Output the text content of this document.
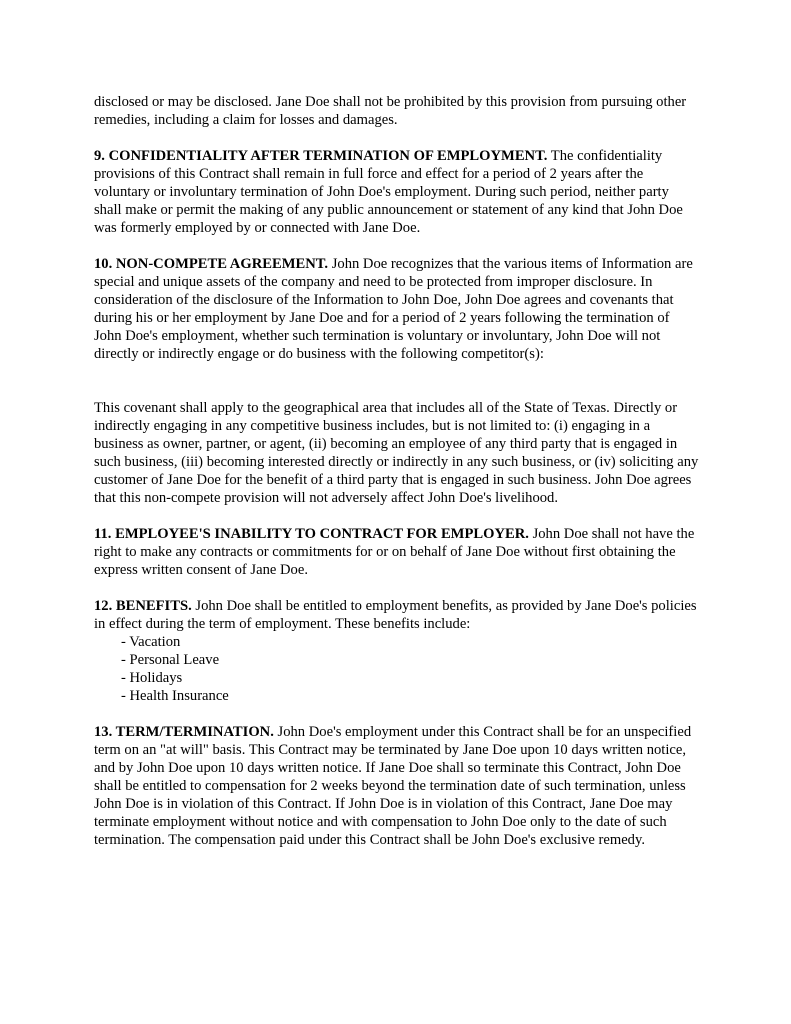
disclosed or may be disclosed. Jane Doe shall not be prohibited by this provision from pursuing other remedies, including a claim for losses and damages.

9. CONFIDENTIALITY AFTER TERMINATION OF EMPLOYMENT. The confidentiality provisions of this Contract shall remain in full force and effect for a period of 2 years after the voluntary or involuntary termination of John Doe's employment. During such period, neither party shall make or permit the making of any public announcement or statement of any kind that John Doe was formerly employed by or connected with Jane Doe.

10. NON-COMPETE AGREEMENT. John Doe recognizes that the various items of Information are special and unique assets of the company and need to be protected from improper disclosure. In consideration of the disclosure of the Information to John Doe, John Doe agrees and covenants that during his or her employment by Jane Doe and for a period of 2 years following the termination of John Doe's employment, whether such termination is voluntary or involuntary, John Doe will not directly or indirectly engage or do business with the following competitor(s):

This covenant shall apply to the geographical area that includes all of the State of Texas. Directly or indirectly engaging in any competitive business includes, but is not limited to: (i) engaging in a business as owner, partner, or agent, (ii) becoming an employee of any third party that is engaged in such business, (iii) becoming interested directly or indirectly in any such business, or (iv) soliciting any customer of Jane Doe for the benefit of a third party that is engaged in such business. John Doe agrees that this non-compete provision will not adversely affect John Doe's livelihood.

11. EMPLOYEE'S INABILITY TO CONTRACT FOR EMPLOYER. John Doe shall not have the right to make any contracts or commitments for or on behalf of Jane Doe without first obtaining the express written consent of Jane Doe.

12. BENEFITS. John Doe shall be entitled to employment benefits, as provided by Jane Doe's policies in effect during the term of employment. These benefits include:

- Vacation
- Personal Leave
- Holidays
- Health Insurance

13. TERM/TERMINATION. John Doe's employment under this Contract shall be for an unspecified term on an "at will" basis. This Contract may be terminated by Jane Doe upon 10 days written notice, and by John Doe upon 10 days written notice. If Jane Doe shall so terminate this Contract, John Doe shall be entitled to compensation for 2 weeks beyond the termination date of such termination, unless John Doe is in violation of this Contract. If John Doe is in violation of this Contract, Jane Doe may terminate employment without notice and with compensation to John Doe only to the date of such termination. The compensation paid under this Contract shall be John Doe's exclusive remedy.
